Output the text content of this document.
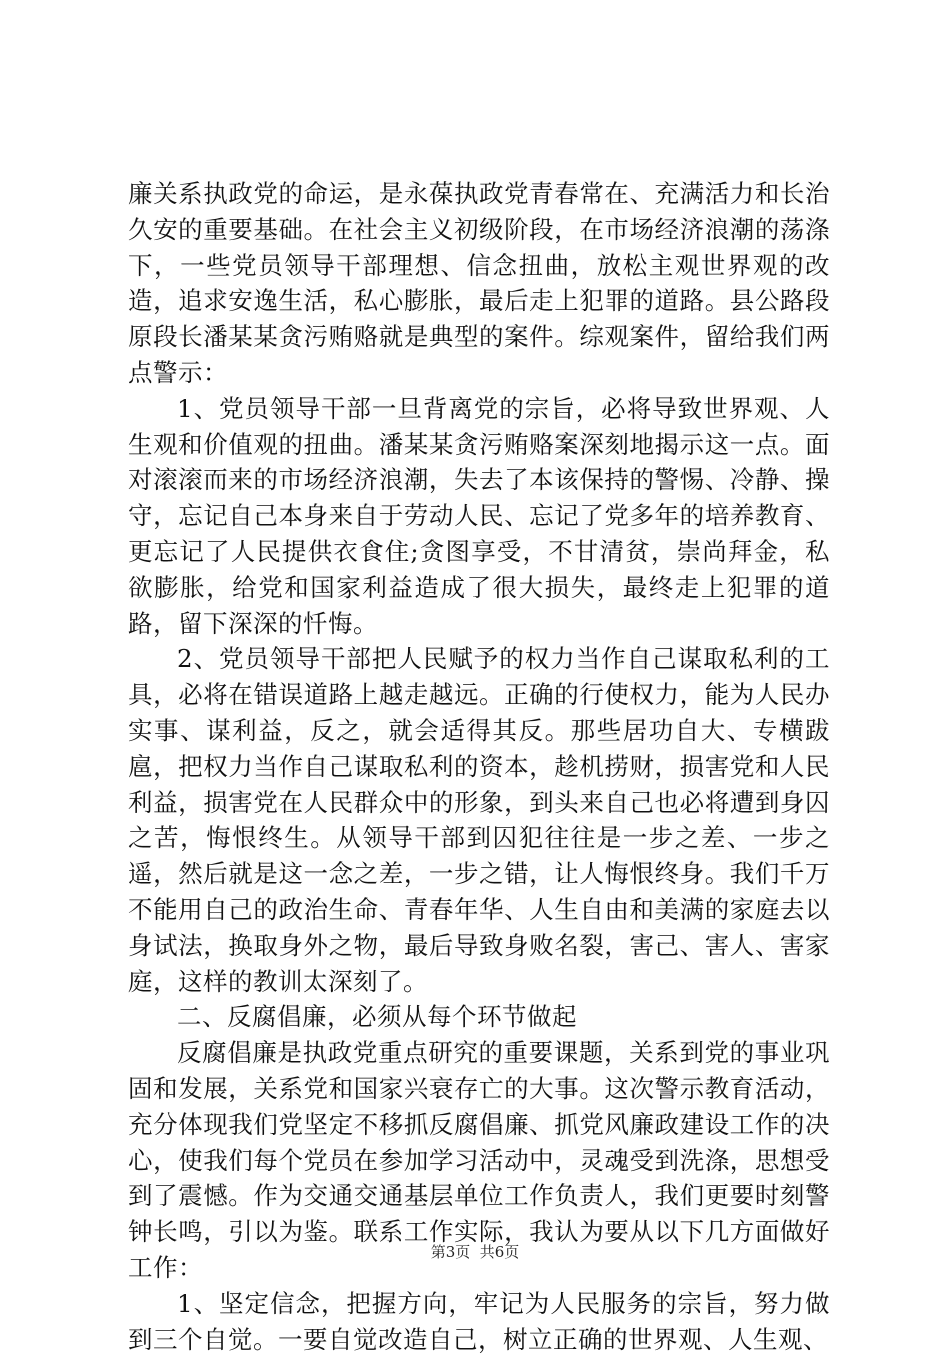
廉关系执政党的命运，是永葆执政党青春常在、充满活力和长治久安的重要基础。在社会主义初级阶段，在市场经济浪潮的荡涤下，一些党员领导干部理想、信念扭曲，放松主观世界观的改造，追求安逸生活，私心膨胀，最后走上犯罪的道路。县公路段原段长潘某某贪污贿赂就是典型的案件。综观案件，留给我们两点警示：

1、党员领导干部一旦背离党的宗旨，必将导致世界观、人生观和价值观的扭曲。潘某某贪污贿赂案深刻地揭示这一点。面对滚滚而来的市场经济浪潮，失去了本该保持的警惕、冷静、操守，忘记自己本身来自于劳动人民、忘记了党多年的培养教育、更忘记了人民提供衣食住;贪图享受，不甘清贫，崇尚拜金，私欲膨胀，给党和国家利益造成了很大损失，最终走上犯罪的道路，留下深深的忏悔。

2、党员领导干部把人民赋予的权力当作自己谋取私利的工具，必将在错误道路上越走越远。正确的行使权力，能为人民办实事、谋利益，反之，就会适得其反。那些居功自大、专横跋扈，把权力当作自己谋取私利的资本，趁机捞财，损害党和人民利益，损害党在人民群众中的形象，到头来自己也必将遭到身囚之苦，悔恨终生。从领导干部到囚犯往往是一步之差、一步之遥，然后就是这一念之差，一步之错，让人悔恨终身。我们千万不能用自己的政治生命、青春年华、人生自由和美满的家庭去以身试法，换取身外之物，最后导致身败名裂，害己、害人、害家庭，这样的教训太深刻了。

二、反腐倡廉，必须从每个环节做起

反腐倡廉是执政党重点研究的重要课题，关系到党的事业巩固和发展，关系党和国家兴衰存亡的大事。这次警示教育活动，充分体现我们党坚定不移抓反腐倡廉、抓党风廉政建设工作的决心，使我们每个党员在参加学习活动中，灵魂受到洗涤，思想受到了震憾。作为交通交通基层单位工作负责人，我们更要时刻警钟长鸣，引以为鉴。联系工作实际，我认为要从以下几方面做好工作：

1、坚定信念，把握方向，牢记为人民服务的宗旨，努力做到三个自觉。一要自觉改造自己，树立正确的世界观、人生观、

第3页  共6页
